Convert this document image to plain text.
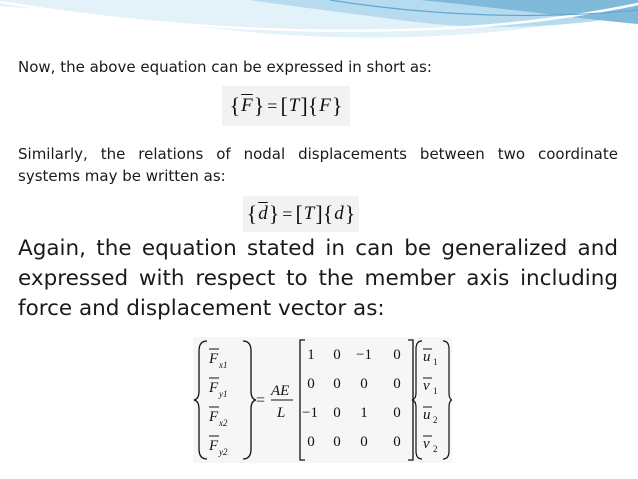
Now, the above equation can be expressed in short as:
{ $\overline{F}$ } = [ T ] { F }
Similarly, the relations of nodal displacements between two coordinate systems may be written as:
{ $\overline{d}$ } = [ T ] { d }
Again, the equation stated in can be generalized and expressed with respect to the member axis including force and displacement vector as:
F x1
F y1
F x2
F y2
=
AE
L
1 0 −1 0
0 0 0 0
−1 0 1 0
0 0 0 0
u 1
v 1
u 2
v 2
